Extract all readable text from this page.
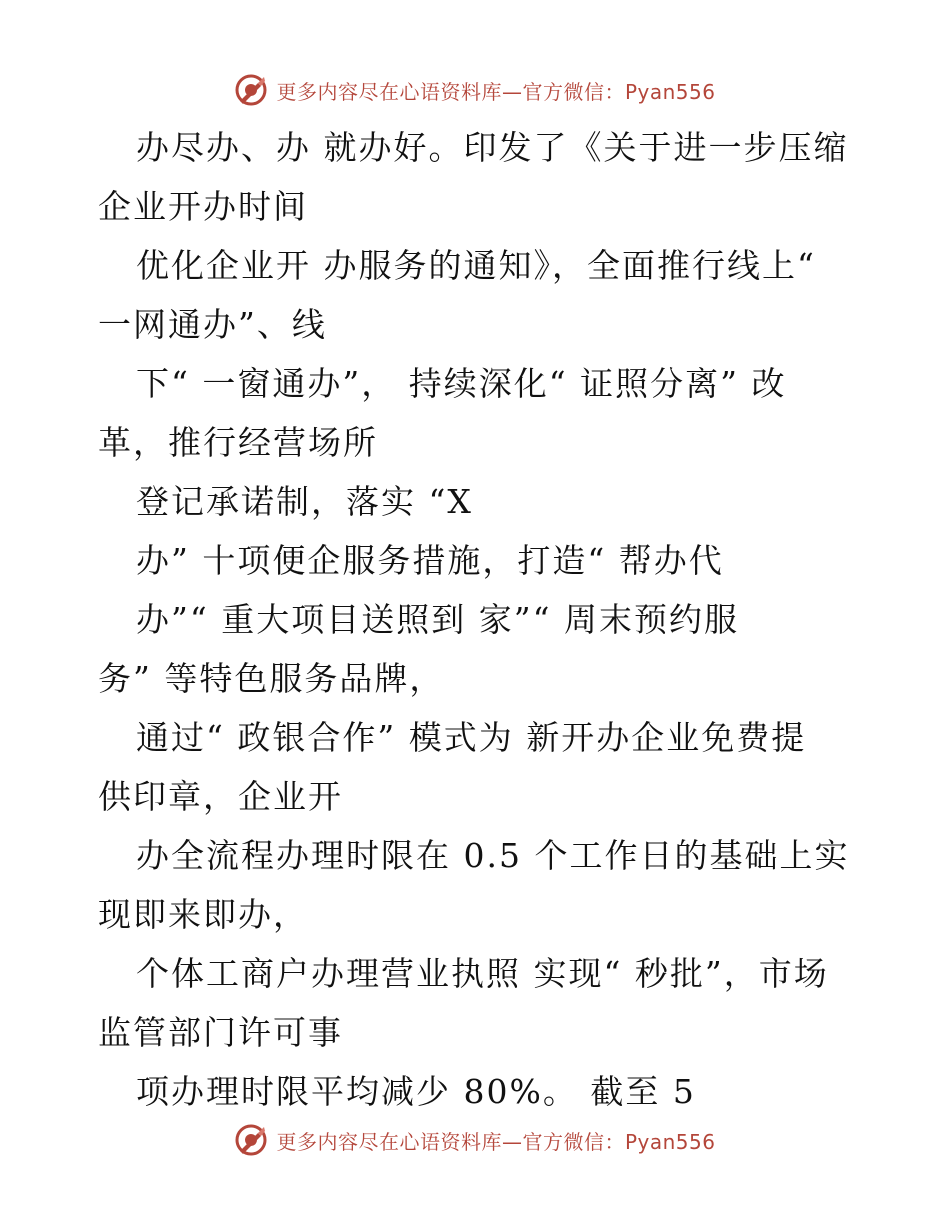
更多内容尽在心语资料库—官方微信：Pyan556
办尽办、办 就办好。印发了《关于进一步压缩
企业开办时间
优化企业开 办服务的通知》，全面推行线上“
一网通办”、线
下“ 一窗通办”， 持续深化“ 证照分离” 改
革，推行经营场所
登记承诺制，落实 “X
办” 十项便企服务措施，打造“ 帮办代
办”“ 重大项目送照到 家”“ 周末预约服
务” 等特色服务品牌，
通过“ 政银合作” 模式为 新开办企业免费提
供印章，企业开
办全流程办理时限在 0.5 个工作日的基础上实
现即来即办，
个体工商户办理营业执照 实现“ 秒批”，市场
监管部门许可事
项办理时限平均减少 80%。 截至 5
更多内容尽在心语资料库—官方微信：Pyan556
